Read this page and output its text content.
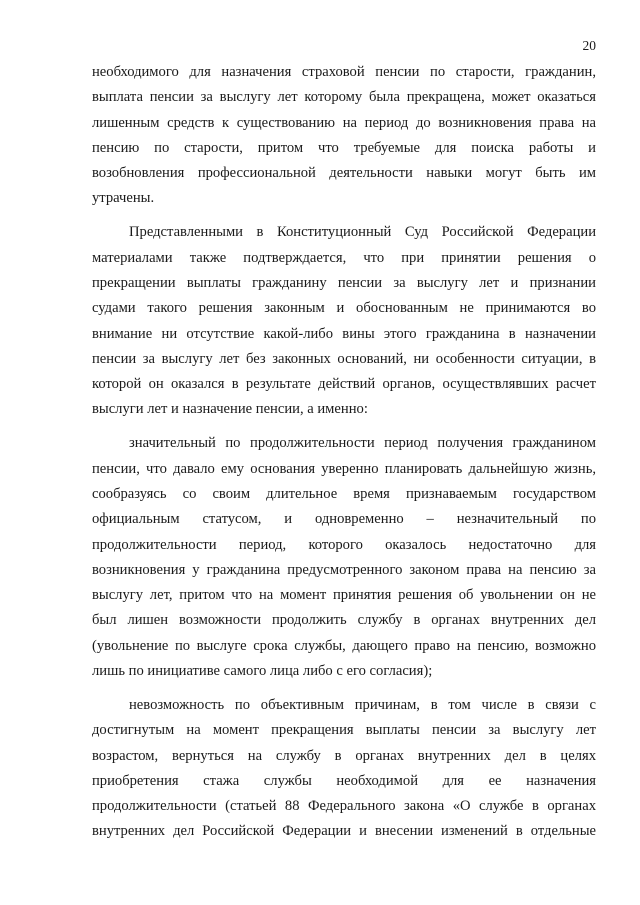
20
необходимого для назначения страховой пенсии по старости, гражданин,
выплата пенсии за выслугу лет которому была прекращена, может оказаться
лишенным средств к существованию на период до возникновения права на
пенсию по старости, притом что требуемые для поиска работы и
возобновления профессиональной деятельности навыки могут быть им
утрачены.
Представленными в Конституционный Суд Российской Федерации
материалами также подтверждается, что при принятии решения о
прекращении выплаты гражданину пенсии за выслугу лет и признании
судами такого решения законным и обоснованным не принимаются во
внимание ни отсутствие какой-либо вины этого гражданина в назначении
пенсии за выслугу лет без законных оснований, ни особенности ситуации, в
которой он оказался в результате действий органов, осуществлявших расчет
выслуги лет и назначение пенсии, а именно:
значительный по продолжительности период получения гражданином
пенсии, что давало ему основания уверенно планировать дальнейшую жизнь,
сообразуясь со своим длительное время признаваемым государством
официальным статусом, и одновременно – незначительный по
продолжительности период, которого оказалось недостаточно для
возникновения у гражданина предусмотренного законом права на пенсию за
выслугу лет, притом что на момент принятия решения об увольнении он не
был лишен возможности продолжить службу в органах внутренних дел
(увольнение по выслуге срока службы, дающего право на пенсию, возможно
лишь по инициативе самого лица либо с его согласия);
невозможность по объективным причинам, в том числе в связи с
достигнутым на момент прекращения выплаты пенсии за выслугу лет
возрастом, вернуться на службу в органах внутренних дел в целях
приобретения стажа службы необходимой для ее назначения
продолжительности (статьей 88 Федерального закона «О службе в органах
внутренних дел Российской Федерации и внесении изменений в отдельные
